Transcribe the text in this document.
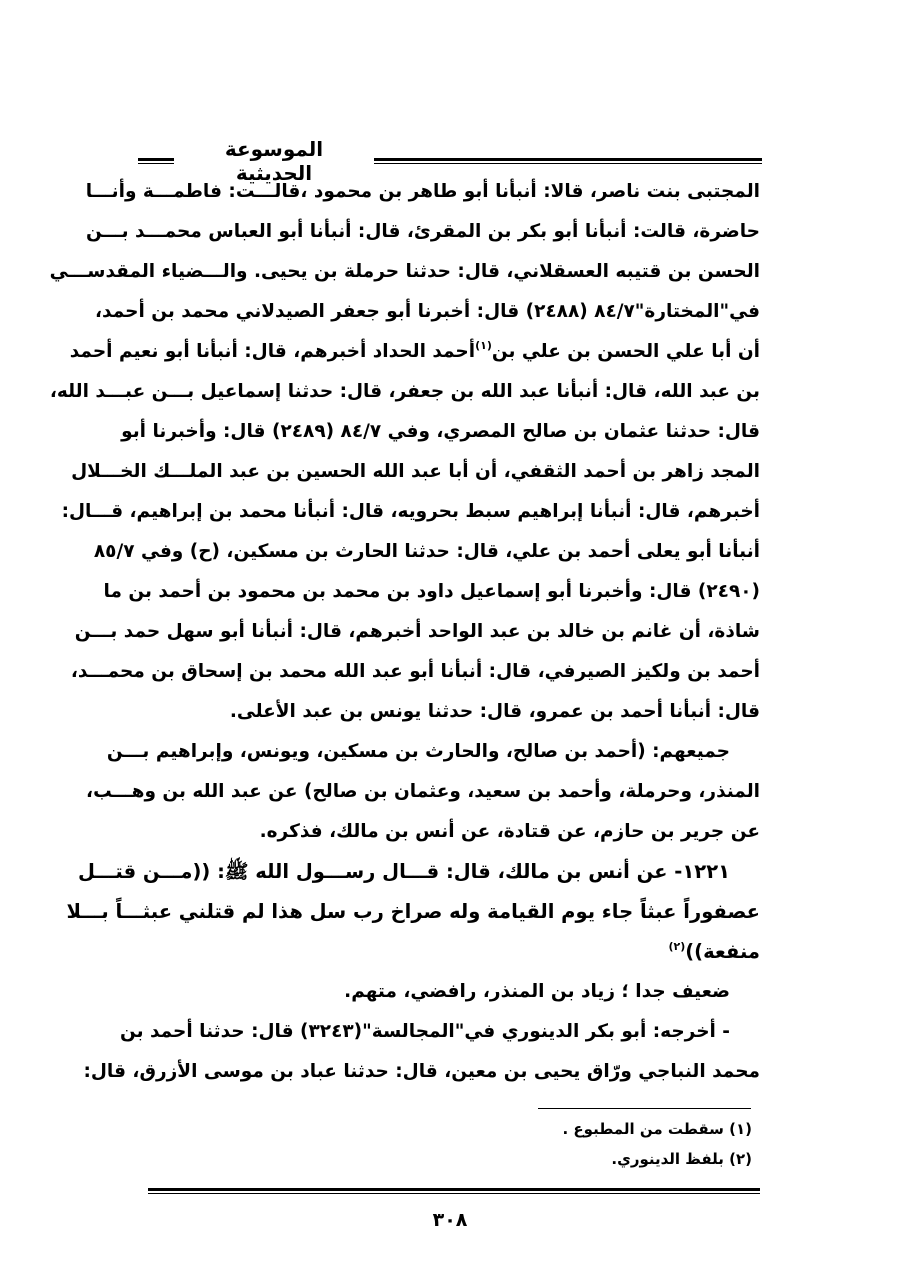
الموسوعة الحديثية
المجتبى بنت ناصر، قالا: أنبأنا أبو طاهر بن محمود ،قالـــت: فاطمـــة وأنـــا
حاضرة، قالت: أنبأنا أبو بكر بن المقرئ، قال: أنبأنا أبو العباس محمـــد بـــن
الحسن بن قتيبه العسقلاني، قال: حدثنا حرملة بن يحيى. والـــضياء المقدســـي
في"المختارة"٨٤/٧ (٢٤٨٨) قال: أخبرنا أبو جعفر الصيدلاني محمد بن أحمد،
أن أبا علي الحسن بن علي بن$^{(١)}$أحمد الحداد أخبرهم، قال: أنبأنا أبو نعيم أحمد
بن عبد الله، قال: أنبأنا عبد الله بن جعفر، قال: حدثنا إسماعيل بـــن عبـــد الله،
قال: حدثنا عثمان بن صالح المصري، وفي ٨٤/٧ (٢٤٨٩) قال: وأخبرنا أبو
المجد زاهر بن أحمد الثقفي، أن أبا عبد الله الحسين بن عبد الملـــك الخـــلال
أخبرهم، قال: أنبأنا إبراهيم سبط بحرويه، قال: أنبأنا محمد بن إبراهيم، قـــال:
أنبأنا أبو يعلى أحمد بن علي، قال: حدثنا الحارث بن مسكين، (ح) وفي ٨٥/٧
(٢٤٩٠) قال: وأخبرنا أبو إسماعيل داود بن محمد بن محمود بن أحمد بن ما
شاذة، أن غانم بن خالد بن عبد الواحد أخبرهم، قال: أنبأنا أبو سهل حمد بـــن
أحمد بن ولكيز الصيرفي، قال: أنبأنا أبو عبد الله محمد بن إسحاق بن محمـــد،
قال: أنبأنا أحمد بن عمرو، قال: حدثنا يونس بن عبد الأعلى.
جميعهم: (أحمد بن صالح، والحارث بن مسكين، ويونس، وإبراهيم بـــن
المنذر، وحرملة، وأحمد بن سعيد، وعثمان بن صالح) عن عبد الله بن وهـــب،
عن جرير بن حازم، عن قتادة، عن أنس بن مالك، فذكره.
١٢٢١- عن أنس بن مالك، قال: قـــال رســـول الله ﷺ: ((مـــن قتـــل
عصفوراً عبثاً جاء يوم القيامة وله صراخ رب سل هذا لم قتلني عبثـــاً بـــلا
منفعة))$^{(٢)}$
ضعيف جدا ؛ زياد بن المنذر، رافضي، متهم.
- أخرجه: أبو بكر الدينوري في"المجالسة"(٣٢٤٣) قال: حدثنا أحمد بن
محمد النباجي ورّاق يحيى بن معين، قال: حدثنا عباد بن موسى الأزرق، قال:
(١) سقطت من المطبوع .
(٢) بلفظ الدينوري.
٣٠٨
